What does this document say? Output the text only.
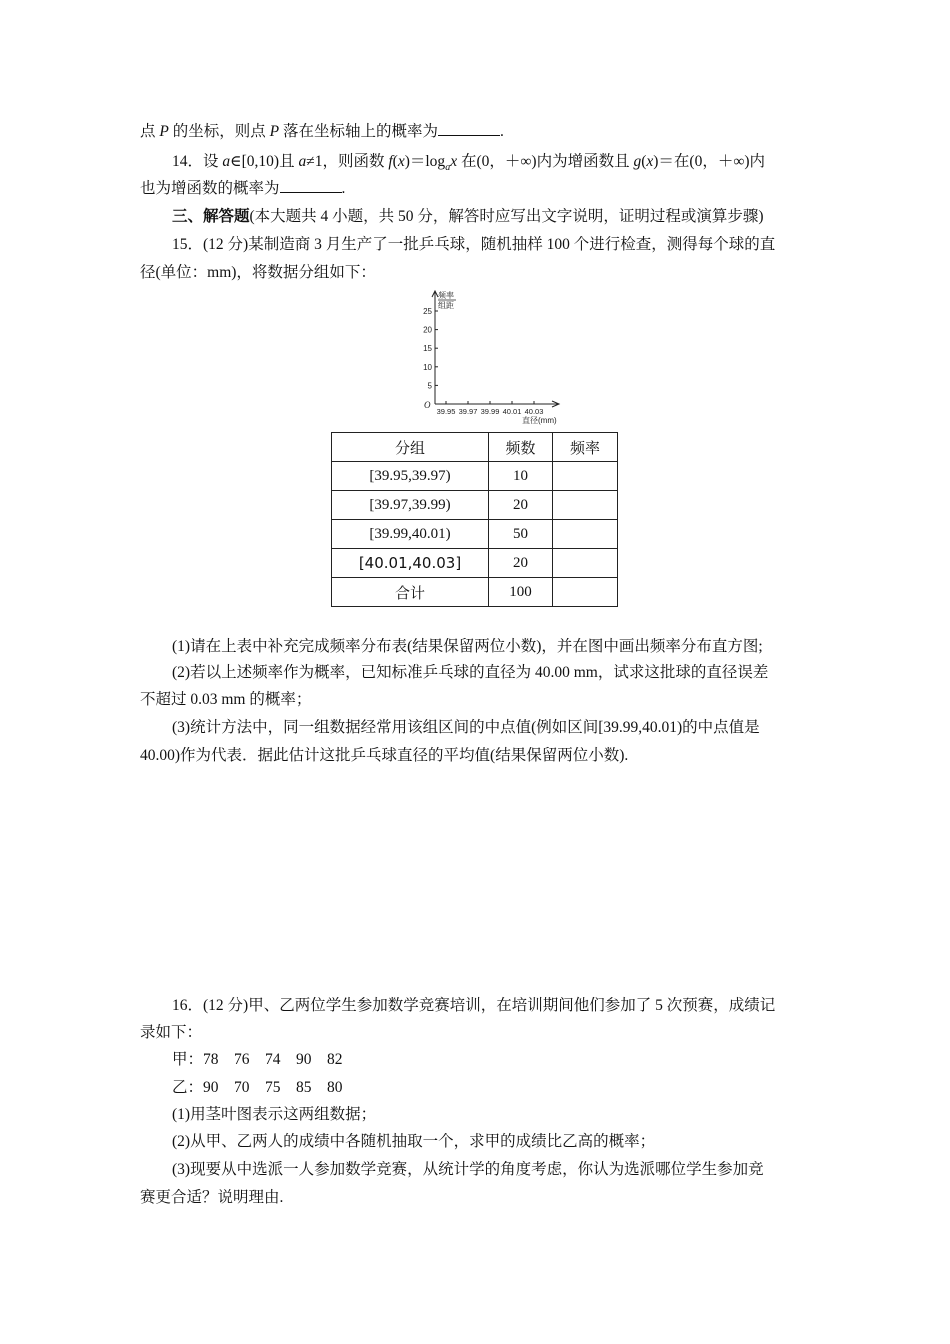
点 P 的坐标，则点 P 落在坐标轴上的概率为	.
14．设 a∈[0,10)且 a≠1，则函数 $f(x)=\log_ax$ 在(0，＋∞)内为增函数且 g(x)＝在(0，＋∞)内
也为增函数的概率为	.
三、解答题(本大题共 4 小题，共 50 分，解答时应写出文字说明，证明过程或演算步骤)
15．(12 分)某制造商 3 月生产了一批乒乓球，随机抽样 100 个进行检查，测得每个球的直
径(单位：mm)，将数据分组如下：
5
10
15
20
25
39.95 39.97 39.99 40.01 40.03
频率
组距
O
直径(mm)
分组	频数	频率
[39.95,39.97)	10	
[39.97,39.99)	20	
[39.99,40.01)	50	
[40.01,40.03]	20	
合计	100	
(1)请在上表中补充完成频率分布表(结果保留两位小数)，并在图中画出频率分布直方图;
(2)若以上述频率作为概率，已知标准乒乓球的直径为 40.00 mm，试求这批球的直径误差
不超过 0.03 mm 的概率；
(3)统计方法中，同一组数据经常用该组区间的中点值(例如区间[39.99,40.01)的中点值是
40.00)作为代表．据此估计这批乒乓球直径的平均值(结果保留两位小数).
16．(12 分)甲、乙两位学生参加数学竞赛培训，在培训期间他们参加了 5 次预赛，成绩记
录如下：
甲：78　76　74　90　82
乙：90　70　75　85　80
(1)用茎叶图表示这两组数据；
(2)从甲、乙两人的成绩中各随机抽取一个，求甲的成绩比乙高的概率；
(3)现要从中选派一人参加数学竞赛，从统计学的角度考虑，你认为选派哪位学生参加竞
赛更合适？说明理由.
